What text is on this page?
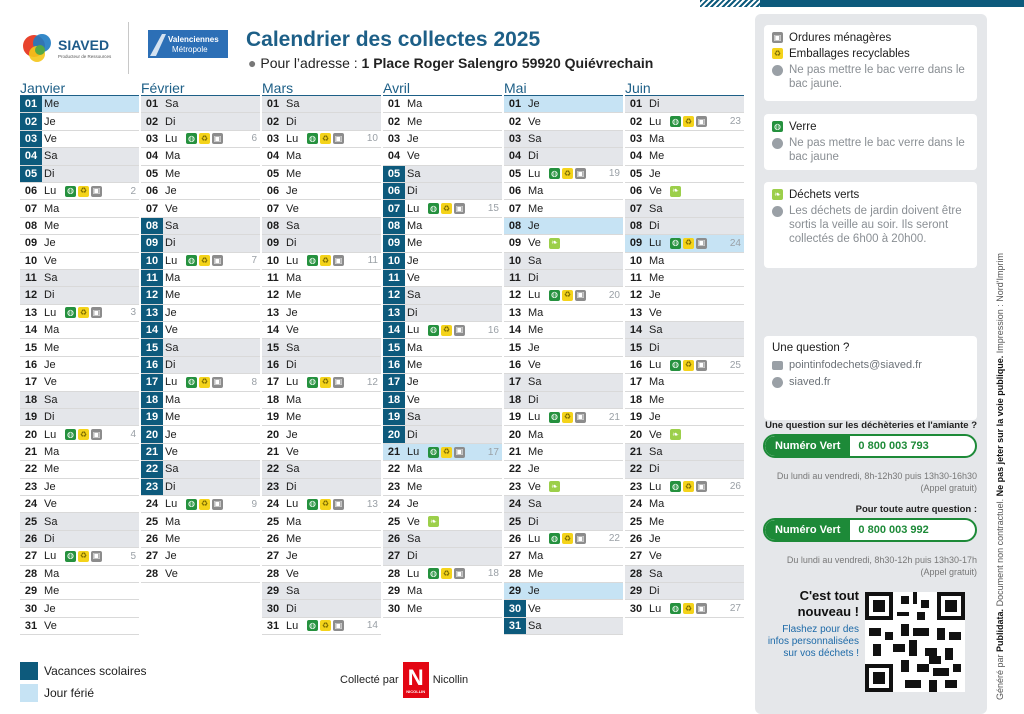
SIAVED
Producteur de Ressources
Valenciennes
Métropole Calendrier des collectes 2025
● Pour l’adresse : 1 Place Roger Salengro 59920 Quiévrechain
Janvier
01 Me
02 Je
03 Ve
04 Sa
05 Di
06 Lu	◍ ♻ ▣	2
07 Ma
08 Me
09 Je
10 Ve
11 Sa
12 Di
13 Lu	◍ ♻ ▣	3
14 Ma
15 Me
16 Je
17 Ve
18 Sa
19 Di
20 Lu	◍ ♻ ▣	4
21 Ma
22 Me
23 Je
24 Ve
25 Sa
26 Di
27 Lu	◍ ♻ ▣	5
28 Ma
29 Me
30 Je
31 Ve
Février
01 Sa
02 Di
03 Lu	◍ ♻ ▣	6
04 Ma
05 Me
06 Je
07 Ve
08 Sa
09 Di
10 Lu	◍ ♻ ▣	7
11 Ma
12 Me
13 Je
14 Ve
15 Sa
16 Di
17 Lu	◍ ♻ ▣	8
18 Ma
19 Me
20 Je
21 Ve
22 Sa
23 Di
24 Lu	◍ ♻ ▣	9
25 Ma
26 Me
27 Je
28 Ve
Mars
01 Sa
02 Di
03 Lu	◍ ♻ ▣ 10
04 Ma
05 Me
06 Je
07 Ve
08 Sa
09 Di
10 Lu	◍ ♻ ▣	11
11 Ma
12 Me
13 Je
14 Ve
15 Sa
16 Di
17 Lu	◍ ♻ ▣ 12
18 Ma
19 Me
20 Je
21 Ve
22 Sa
23 Di
24 Lu	◍ ♻ ▣ 13
25 Ma
26 Me
27 Je
28 Ve
29 Sa
30 Di
31 Lu	◍ ♻ ▣ 14
Avril
01 Ma
02 Me
03 Je
04 Ve
05 Sa
06 Di
07 Lu	◍ ♻ ▣ 15
08 Ma
09 Me
10 Je
11 Ve
12 Sa
13 Di
14 Lu	◍ ♻ ▣ 16
15 Ma
16 Me
17 Je
18 Ve
19 Sa
20 Di
21 Lu	◍ ♻ ▣ 17
22 Ma
23 Me
24 Je
25 Ve	❧
26 Sa
27 Di
28 Lu	◍ ♻ ▣ 18
29 Ma
30 Me
Mai
01 Je
02 Ve
03 Sa
04 Di
05 Lu	◍ ♻ ▣ 19
06 Ma
07 Me
08 Je
09 Ve	❧
10 Sa
11 Di
12 Lu	◍ ♻ ▣ 20
13 Ma
14 Me
15 Je
16 Ve
17 Sa
18 Di
19 Lu	◍ ♻ ▣ 21
20 Ma
21 Me
22 Je
23 Ve	❧
24 Sa
25 Di
26 Lu	◍ ♻ ▣ 22
27 Ma
28 Me
29 Je
30 Ve
31 Sa
Juin
01 Di
02 Lu	◍ ♻ ▣ 23
03 Ma
04 Me
05 Je
06 Ve	❧
07 Sa
08 Di
09 Lu	◍ ♻ ▣ 24
10 Ma
11 Me
12 Je
13 Ve
14 Sa
15 Di
16 Lu	◍ ♻ ▣ 25
17 Ma
18 Me
19 Je
20 Ve	❧
21 Sa
22 Di
23 Lu	◍ ♻ ▣ 26
24 Ma
25 Me
26 Je
27 Ve
28 Sa
29 Di
30 Lu	◍ ♻ ▣ 27
Vacances scolaires
Jour férié
Collecté par N
NICOLLIN
Nicollin
▣ Ordures ménagères
♻ Emballages recyclables
Ne pas mettre le bac verre dans le bac jaune.
◍ Verre
Ne pas mettre le bac verre dans le bac jaune
❧ Déchets verts
Les déchets de jardin doivent être sortis la veille au soir. Ils seront collectés de 6h00 à 20h00.
Une question ?
pointinfodechets@siaved.fr
siaved.fr
Une question sur les déchèteries et l'amiante ?
Numéro Vert	0 800 003 793
Du lundi au vendredi, 8h-12h30 puis 13h30-16h30
(Appel gratuit)
Pour toute autre question :
Numéro Vert	0 800 003 992
Du lundi au vendredi, 8h30-12h puis 13h30-17h
(Appel gratuit)
C'est tout nouveau !
Flashez pour des infos personnalisées sur vos déchets !
Généré par Publidata. Document non contractuel. Ne pas jeter sur la voie publique. Impression : Nord'Imprim
